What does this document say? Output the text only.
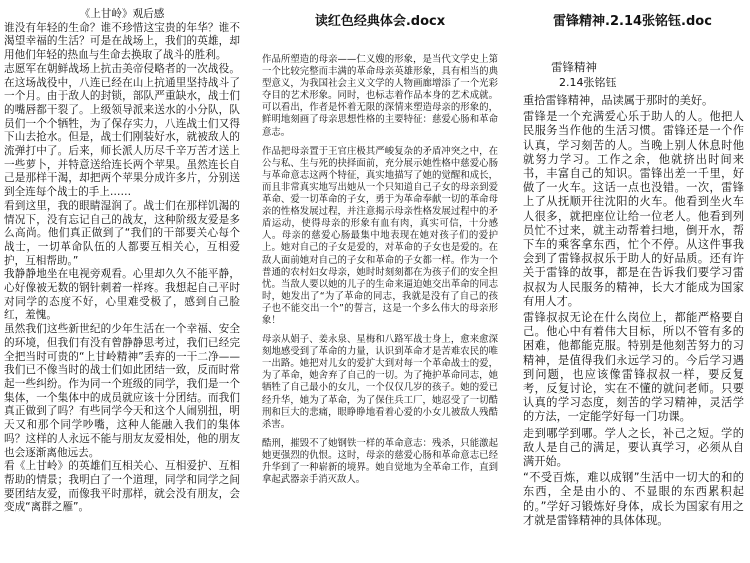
《上甘岭》观后感

谁没有年轻的生命？谁不珍惜这宝贵的年华？谁不渴望幸福的生活？可是在战场上，我们的英雄，却用他们年轻的热血与生命去换取了战斗的胜利。

志愿军在朝鲜战场上抗击美帝侵略者的一次战役。在这场战役中，八连已经在山上抗通里坚持战斗了一个月。由于敌人的封锁，部队严重缺水，战士们的嘴唇都干裂了。上级领导派来送水的小分队，队员们一个个牺牲，为了保存实力，八连战士们又得下山去抢水。但是，战士们刚装好水，就被敌人的流弹打中了。后来，师长派人历尽千辛万苦才送上一些萝卜，并特意送给连长两个苹果。虽然连长自己是那样干渴，却把两个苹果分成许多片，分别送到全连每个战士的手上……

看到这里，我的眼睛湿润了。战士们在那样饥渴的情况下，没有忘记自己的战友，这种阶级友爱是多么高尚。他们真正做到了“我们的干部要关心每个战士，一切革命队伍的人都要互相关心，互相爱护，互相帮助。”

我静静地坐在电视旁观看。心里却久久不能平静，心好像被无数的钢针刺着一样疼。我想起自己平时对同学的态度不好，心里难受极了，感到自己脸红，羞愧。

虽然我们这些新世纪的少年生活在一个幸福、安全的环境，但我们有没有曾静静思考过，我们已经完全把当时可贵的“上甘岭精神”丢弃的一干二净——我们已不像当时的战士们如此团结一致，反而时常起一些纠纷。作为同一个班级的同学，我们是一个集体，一个集体中的成员就应该十分团结。而我们真正做到了吗？有些同学今天和这个人闹别扭，明天又和那个同学吵嘴，这种人能融入我们的集体吗？这样的人永远不能与朋友友爱相处，他的朋友也会逐渐离他远去。

看《上甘岭》的英雄们互相关心、互相爱护、互相帮助的情景；我明白了一个道理，同学和同学之间要团结友爱，而像我平时那样，就会没有朋友，会变成“离群之雁”。

读红色经典体会.docx

作品所塑造的母亲——仁义嫂的形象，是当代文学史上第一个比较完整而丰满的革命母亲英雄形象，具有相当的典型意义，为我国社会主义文学的人物画廊增添了一个光彩夺目的艺术形象。同时，也标志着作品本身的艺术成就。可以看出，作者是怀着无限的深情来塑造母亲的形象的，鲜明地刻画了母亲思想性格的主要特征：慈爱心肠和革命意志。

作品把母亲置于王官庄极其严峻复杂的矛盾冲突之中，在公与私、生与死的抉择面前，充分展示她性格中慈爱心肠与革命意志这两个特征，真实地描写了她的觉醒和成长，而且非常真实地写出她从一个只知道自己子女的母亲到爱革命、爱一切革命的子女，勇于为革命奉献一切的革命母亲的性格发展过程，并注意揭示母亲性格发展过程中的矛盾运动，使得母亲的形象有血有肉，真实可信，十分感人。母亲的慈爱心肠最集中地表现在她对孩子们的爱护上。她对自己的子女是爱的，对革命的子女也是爱的。在敌人面前她对自己的子女和革命的子女都一样。作为一个普通的农村妇女母亲，她时时刻刻都在为孩子们的安全担忧。当敌人要以她的儿子的生命来逼迫她交出革命的同志时，她发出了“为了革命的同志，我就是没有了自己的孩子也不能交出一个”的誓言，这是一个多么伟大的母亲形象！

母亲从娟子、姜永泉、星梅和八路军战士身上，愈来愈深刻地感受到了革命的力量，认识到革命才是苦难农民的唯一出路。她把对儿女的爱扩大到对每一个革命战士的爱，为了革命，她舍弃了自己的一切。为了掩护革命同志，她牺牲了自己最小的女儿，一个仅仅几岁的孩子。她的爱已经升华，她为了革命，为了保住兵工厂，她忍受了一切酷刑和巨大的悲痛，眼睁睁地看着心爱的小女儿被敌人残酷杀害。

酷刑，摧毁不了她钢铁一样的革命意志：残杀，只能激起她更强烈的仇恨。这时，母亲的慈爱心肠和革命意志已经升华到了一种崭新的境界。她自觉地为全革命工作，直到拿起武器亲手消灭敌人。

雷锋精神.2.14张铭钰.doc
雷锋精神
2.14张铭钰

重拾雷锋精神，品读属于那时的美好。

雷锋是一个充满爱心乐于助人的人。他把人民服务当作他的生活习惯。雷锋还是一个作认真，学习刻苦的人。当晚上别人休息时他就努力学习。工作之余，他就挤出时间来书，丰富自己的知识。雷锋出差一千里，好做了一火车。这话一点也没错。一次，雷锋上了从抚顺开往沈阳的火车。他看到坐火车人很多，就把座位让给一位老人。他看到列员忙不过来，就主动帮着扫地，倒开水，帮下车的乘客拿东西，忙个不停。从这件事我会到了雷锋叔叔乐于助人的好品质。还有许关于雷锋的故事，都是在告诉我们要学习雷叔叔为人民服务的精神，长大才能成为国家有用人才。

雷锋叔叔无论在什么岗位上，都能严格要自己。他心中有着伟大目标，所以不管有多的困难，他都能克服。特别是他刻苦努力的习精神，是值得我们永远学习的。今后学习遇到问题，也应该像雷锋叔叔一样，要反复考，反复讨论，实在不懂的就问老师。只要认真的学习态度，刻苦的学习精神，灵活学的方法，一定能学好每一门功课。

走到哪学到哪。学人之长，补己之短。学的敌人是自己的满足，要认真学习，必须从自满开始。

“不受百炼，难以成钢”生活中一切大的和的东西，全是由小的、不显眼的东西累积起的。”学好习锻炼好身体，成长为国家有用之才就是雷锋精神的具体体现。
